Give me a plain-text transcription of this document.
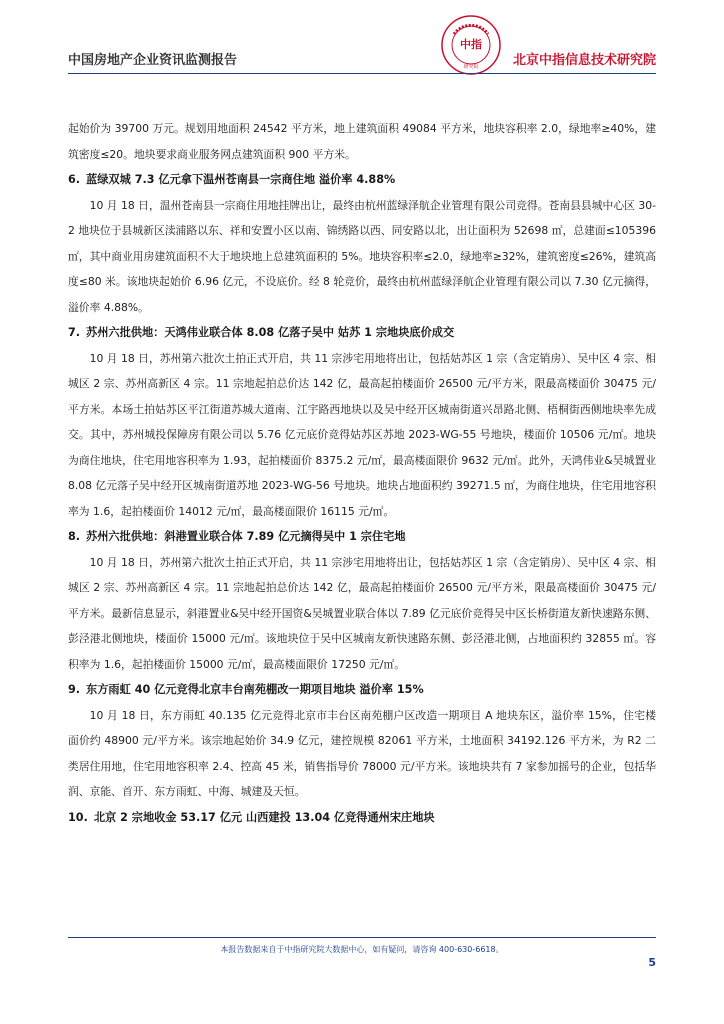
中国房地产企业资讯监测报告
中指
研究院	北京中指信息技术研究院

起始价为 39700 万元。规划用地面积 24542 平方米，地上建筑面积 49084 平方米，地块容积率 2.0，绿地率≥40%，建筑密度≤20。地块要求商业服务网点建筑面积 900 平方米。

6. 蓝绿双城 7.3 亿元拿下温州苍南县一宗商住地 溢价率 4.88%

10 月 18 日，温州苍南县一宗商住用地挂牌出让，最终由杭州蓝绿泽航企业管理有限公司竞得。苍南县县城中心区 30-2 地块位于县城新区渎浦路以东、祥和安置小区以南、锦绣路以西、同安路以北，出让面积为 52698 ㎡，总建面≤105396 ㎡，其中商业用房建筑面积不大于地块地上总建筑面积的 5%。地块容积率≤2.0，绿地率≥32%，建筑密度≤26%，建筑高度≤80 米。该地块起始价 6.96 亿元，不设底价。经 8 轮竞价，最终由杭州蓝绿泽航企业管理有限公司以 7.30 亿元摘得，溢价率 4.88%。

7. 苏州六批供地：天鸿伟业联合体 8.08 亿落子吴中 姑苏 1 宗地块底价成交

10 月 18 日，苏州第六批次土拍正式开启，共 11 宗涉宅用地将出让，包括姑苏区 1 宗（含定销房）、吴中区 4 宗、相城区 2 宗、苏州高新区 4 宗。11 宗地起拍总价达 142 亿，最高起拍楼面价 26500 元/平方米，限最高楼面价 30475 元/平方米。本场土拍姑苏区平江街道苏城大道南、江宇路西地块以及吴中经开区城南街道兴昂路北侧、梧桐街西侧地块率先成交。其中，苏州城投保障房有限公司以 5.76 亿元底价竞得姑苏区苏地 2023-WG-55 号地块，楼面价 10506 元/㎡。地块为商住地块，住宅用地容积率为 1.93，起拍楼面价 8375.2 元/㎡，最高楼面限价 9632 元/㎡。此外，天鸿伟业&吴城置业 8.08 亿元落子吴中经开区城南街道苏地 2023-WG-56 号地块。地块占地面积约 39271.5 ㎡，为商住地块，住宅用地容积率为 1.6，起拍楼面价 14012 元/㎡，最高楼面限价 16115 元/㎡。

8. 苏州六批供地：斜港置业联合体 7.89 亿元摘得吴中 1 宗住宅地

10 月 18 日，苏州第六批次土拍正式开启，共 11 宗涉宅用地将出让，包括姑苏区 1 宗（含定销房）、吴中区 4 宗、相城区 2 宗、苏州高新区 4 宗。11 宗地起拍总价达 142 亿，最高起拍楼面价 26500 元/平方米，限最高楼面价 30475 元/平方米。最新信息显示，斜港置业&吴中经开国资&吴城置业联合体以 7.89 亿元底价竞得吴中区长桥街道友新快速路东侧、彭泾港北侧地块，楼面价 15000 元/㎡。该地块位于吴中区城南友新快速路东侧、彭泾港北侧，占地面积约 32855 ㎡。容积率为 1.6，起拍楼面价 15000 元/㎡，最高楼面限价 17250 元/㎡。

9. 东方雨虹 40 亿元竞得北京丰台南苑棚改一期项目地块 溢价率 15%

10 月 18 日，东方雨虹 40.135 亿元竞得北京市丰台区南苑棚户区改造一期项目 A 地块东区，溢价率 15%，住宅楼面价约 48900 元/平方米。该宗地起始价 34.9 亿元，建控规模 82061 平方米，土地面积 34192.126 平方米，为 R2 二类居住用地，住宅用地容积率 2.4、控高 45 米，销售指导价 78000 元/平方米。该地块共有 7 家参加摇号的企业，包括华润、京能、首开、东方雨虹、中海、城建及天恒。

10. 北京 2 宗地收金 53.17 亿元 山西建投 13.04 亿竞得通州宋庄地块
本报告数据来自于中指研究院大数据中心，如有疑问，请咨询 400-630-6618。
5
